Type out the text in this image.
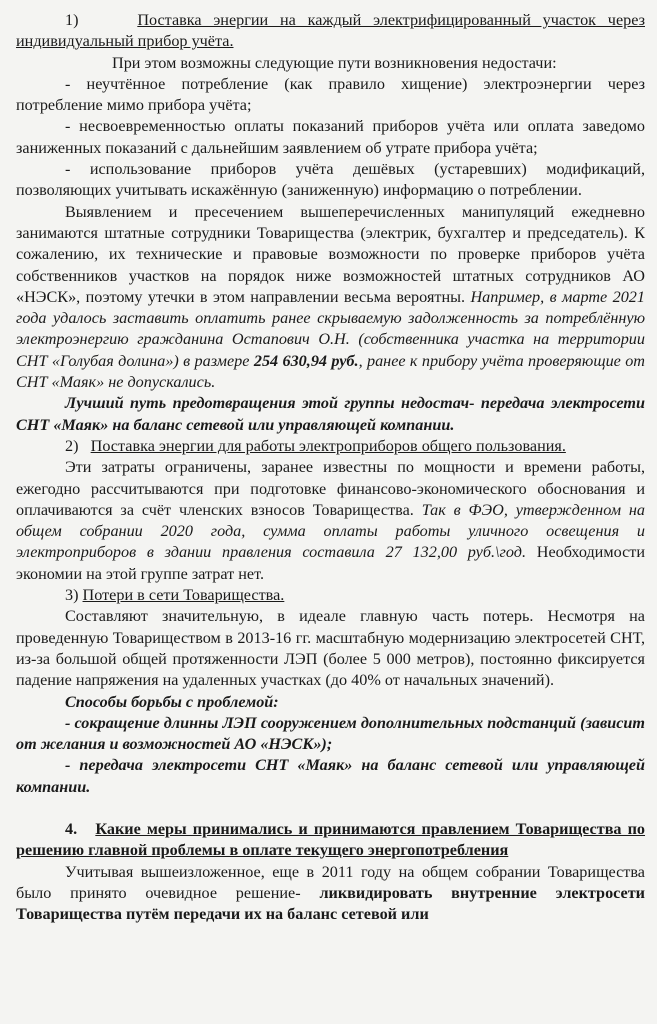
1)	Поставка энергии на каждый электрифицированный участок через индивидуальный прибор учёта.

При этом возможны следующие пути возникновения недостачи:

- неучтённое потребление (как правило хищение) электроэнергии через потребление мимо прибора учёта;

- несвоевременностью оплаты показаний приборов учёта или оплата заведомо заниженных показаний с дальнейшим заявлением об утрате прибора учёта;

- использование приборов учёта дешёвых (устаревших) модификаций, позволяющих учитывать искажённую (заниженную) информацию о потреблении.

Выявлением и пресечением вышеперечисленных манипуляций ежедневно занимаются штатные сотрудники Товарищества (электрик, бухгалтер и председатель). К сожалению, их технические и правовые возможности по проверке приборов учёта собственников участков на порядок ниже возможностей штатных сотрудников АО «НЭСК», поэтому утечки в этом направлении весьма вероятны. Например, в марте 2021 года удалось заставить оплатить ранее скрываемую задолженность за потреблённую электроэнергию гражданина Остапович О.Н. (собственника участка на территории СНТ «Голубая долина») в размере 254 630,94 руб., ранее к прибору учёта проверяющие от СНТ «Маяк» не допускались.

Лучший путь предотвращения этой группы недостач- передача электросети СНТ «Маяк» на баланс сетевой или управляющей компании.

2) Поставка энергии для работы электроприборов общего пользования.

Эти затраты ограничены, заранее известны по мощности и времени работы, ежегодно рассчитываются при подготовке финансово-экономического обоснования и оплачиваются за счёт членских взносов Товарищества. Так в ФЭО, утвержденном на общем собрании 2020 года, сумма оплаты работы уличного освещения и электроприборов в здании правления составила 27 132,00 руб.\год. Необходимости экономии на этой группе затрат нет.

3) Потери в сети Товарищества.

Составляют значительную, в идеале главную часть потерь. Несмотря на проведенную Товариществом в 2013-16 гг. масштабную модернизацию электросетей СНТ, из-за большой общей протяженности ЛЭП (более 5 000 метров), постоянно фиксируется падение напряжения на удаленных участках (до 40% от начальных значений).

Способы борьбы с проблемой:

- сокращение длинны ЛЭП сооружением дополнительных подстанций (зависит от желания и возможностей АО «НЭСК»);

- передача электросети СНТ «Маяк» на баланс сетевой или управляющей компании.

4. Какие меры принимались и принимаются правлением Товарищества по решению главной проблемы в оплате текущего энергопотребления

Учитывая вышеизложенное, еще в 2011 году на общем собрании Товарищества было принято очевидное решение- ликвидировать внутренние электросети Товарищества путём передачи их на баланс сетевой или
